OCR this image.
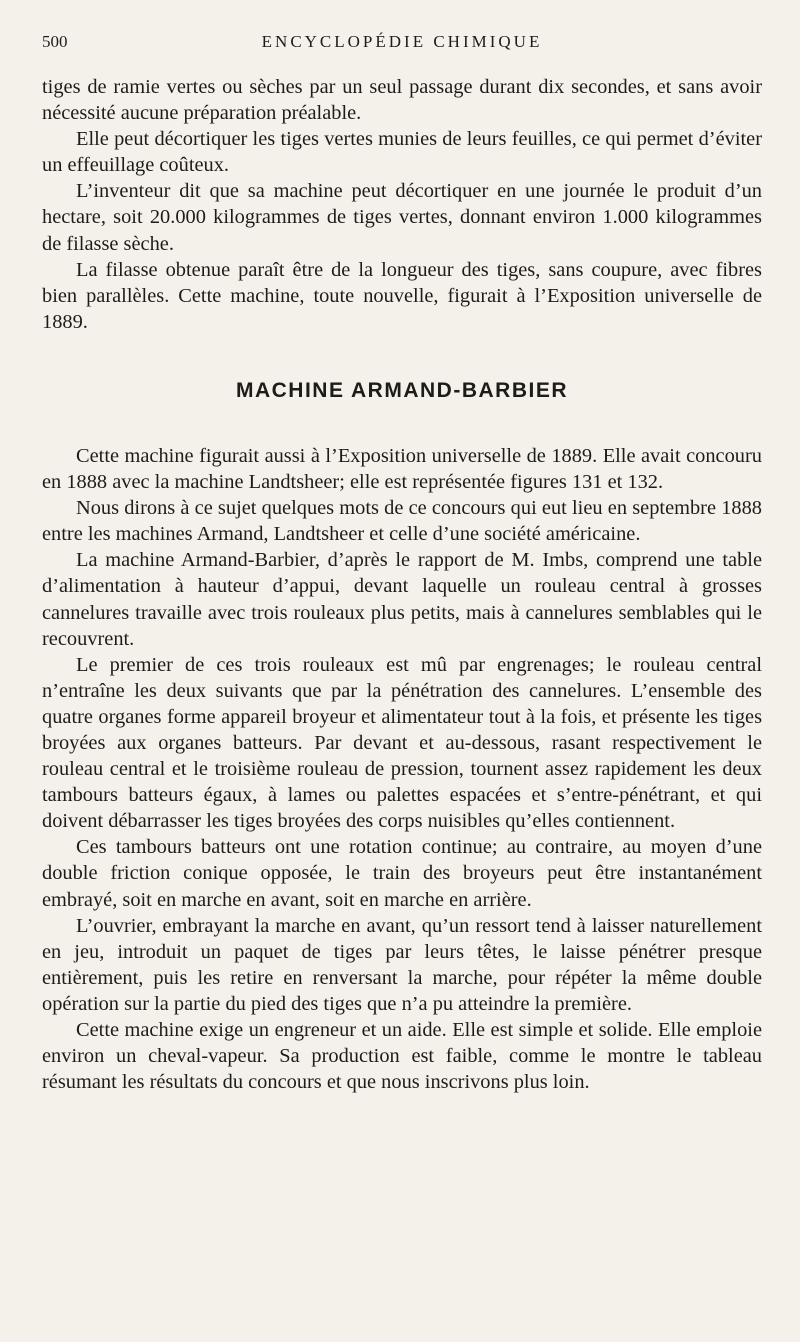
500	ENCYCLOPÉDIE CHIMIQUE

tiges de ramie vertes ou sèches par un seul passage durant dix secondes, et sans avoir nécessité aucune préparation préalable.

Elle peut décortiquer les tiges vertes munies de leurs feuilles, ce qui permet d’éviter un effeuillage coûteux.

L’inventeur dit que sa machine peut décortiquer en une journée le produit d’un hectare, soit 20.000 kilogrammes de tiges vertes, donnant environ 1.000 kilogrammes de filasse sèche.

La filasse obtenue paraît être de la longueur des tiges, sans coupure, avec fibres bien parallèles. Cette machine, toute nouvelle, figurait à l’Exposition universelle de 1889.

MACHINE ARMAND-BARBIER

Cette machine figurait aussi à l’Exposition universelle de 1889. Elle avait concouru en 1888 avec la machine Landtsheer; elle est représentée figures 131 et 132.

Nous dirons à ce sujet quelques mots de ce concours qui eut lieu en septembre 1888 entre les machines Armand, Landtsheer et celle d’une société américaine.

La machine Armand-Barbier, d’après le rapport de M. Imbs, comprend une table d’alimentation à hauteur d’appui, devant laquelle un rouleau central à grosses cannelures travaille avec trois rouleaux plus petits, mais à cannelures semblables qui le recouvrent.

Le premier de ces trois rouleaux est mû par engrenages; le rouleau central n’entraîne les deux suivants que par la pénétration des cannelures. L’ensemble des quatre organes forme appareil broyeur et alimentateur tout à la fois, et présente les tiges broyées aux organes batteurs. Par devant et au-dessous, rasant respectivement le rouleau central et le troisième rouleau de pression, tournent assez rapidement les deux tambours batteurs égaux, à lames ou palettes espacées et s’entre-pénétrant, et qui doivent débarrasser les tiges broyées des corps nuisibles qu’elles contiennent.

Ces tambours batteurs ont une rotation continue; au contraire, au moyen d’une double friction conique opposée, le train des broyeurs peut être instantanément embrayé, soit en marche en avant, soit en marche en arrière.

L’ouvrier, embrayant la marche en avant, qu’un ressort tend à laisser naturellement en jeu, introduit un paquet de tiges par leurs têtes, le laisse pénétrer presque entièrement, puis les retire en renversant la marche, pour répéter la même double opération sur la partie du pied des tiges que n’a pu atteindre la première.

Cette machine exige un engreneur et un aide. Elle est simple et solide. Elle emploie environ un cheval-vapeur. Sa production est faible, comme le montre le tableau résumant les résultats du concours et que nous inscrivons plus loin.
